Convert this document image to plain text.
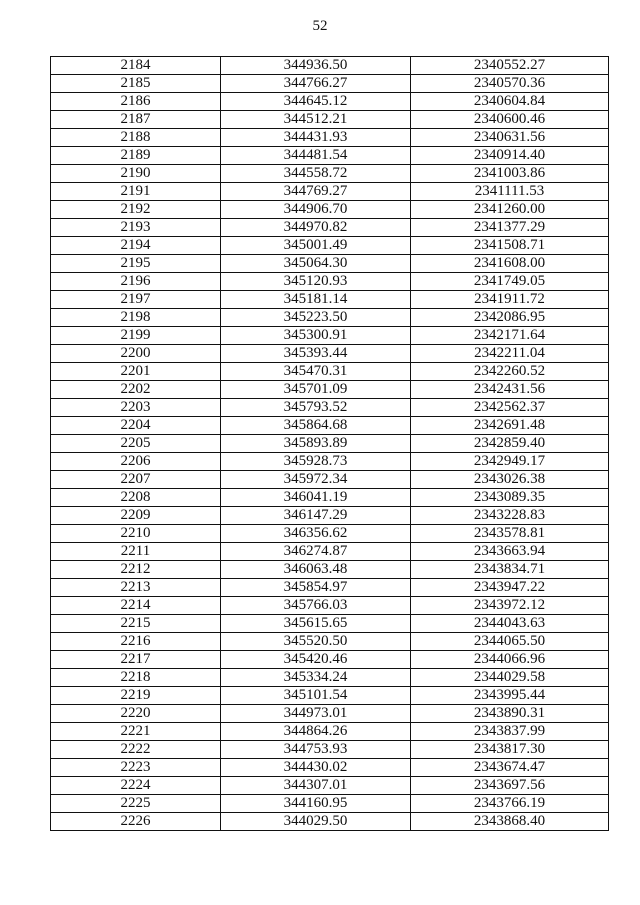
52
2184	344936.50	2340552.27
2185	344766.27	2340570.36
2186	344645.12	2340604.84
2187	344512.21	2340600.46
2188	344431.93	2340631.56
2189	344481.54	2340914.40
2190	344558.72	2341003.86
2191	344769.27	2341111.53
2192	344906.70	2341260.00
2193	344970.82	2341377.29
2194	345001.49	2341508.71
2195	345064.30	2341608.00
2196	345120.93	2341749.05
2197	345181.14	2341911.72
2198	345223.50	2342086.95
2199	345300.91	2342171.64
2200	345393.44	2342211.04
2201	345470.31	2342260.52
2202	345701.09	2342431.56
2203	345793.52	2342562.37
2204	345864.68	2342691.48
2205	345893.89	2342859.40
2206	345928.73	2342949.17
2207	345972.34	2343026.38
2208	346041.19	2343089.35
2209	346147.29	2343228.83
2210	346356.62	2343578.81
2211	346274.87	2343663.94
2212	346063.48	2343834.71
2213	345854.97	2343947.22
2214	345766.03	2343972.12
2215	345615.65	2344043.63
2216	345520.50	2344065.50
2217	345420.46	2344066.96
2218	345334.24	2344029.58
2219	345101.54	2343995.44
2220	344973.01	2343890.31
2221	344864.26	2343837.99
2222	344753.93	2343817.30
2223	344430.02	2343674.47
2224	344307.01	2343697.56
2225	344160.95	2343766.19
2226	344029.50	2343868.40
